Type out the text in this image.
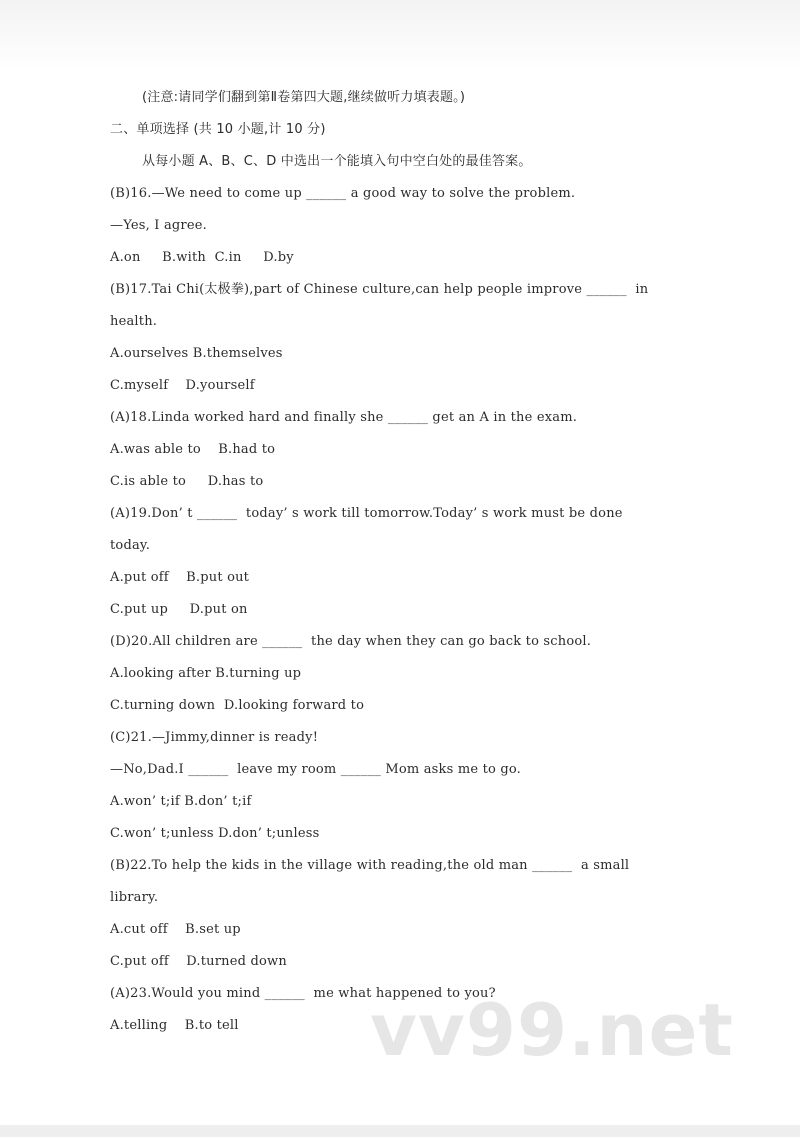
(注意:请同学们翻到第Ⅱ卷第四大题,继续做听力填表题。)
二、单项选择 (共 10 小题,计 10 分)
从每小题 A、B、C、D 中选出一个能填入句中空白处的最佳答案。
(B)16.—We need to come up ______ a good way to solve the problem.
—Yes, I agree.
A.on     B.with  C.in     D.by
(B)17.Tai Chi(太极拳),part of Chinese culture,can help people improve ______  in
health.
A.ourselves B.themselves
C.myself    D.yourself
(A)18.Linda worked hard and finally she ______ get an A in the exam.
A.was able to    B.had to
C.is able to     D.has to
(A)19.Don’ t ______  today’ s work till tomorrow.Today’ s work must be done
today.
A.put off    B.put out
C.put up     D.put on
(D)20.All children are ______  the day when they can go back to school.
A.looking after B.turning up
C.turning down  D.looking forward to
(C)21.—Jimmy,dinner is ready!
—No,Dad.I ______  leave my room ______ Mom asks me to go.
A.won’ t;if B.don’ t;if
C.won’ t;unless D.don’ t;unless
(B)22.To help the kids in the village with reading,the old man ______  a small
library.
A.cut off    B.set up
C.put off    D.turned down
(A)23.Would you mind ______  me what happened to you?
A.telling    B.to tell vv99.net
